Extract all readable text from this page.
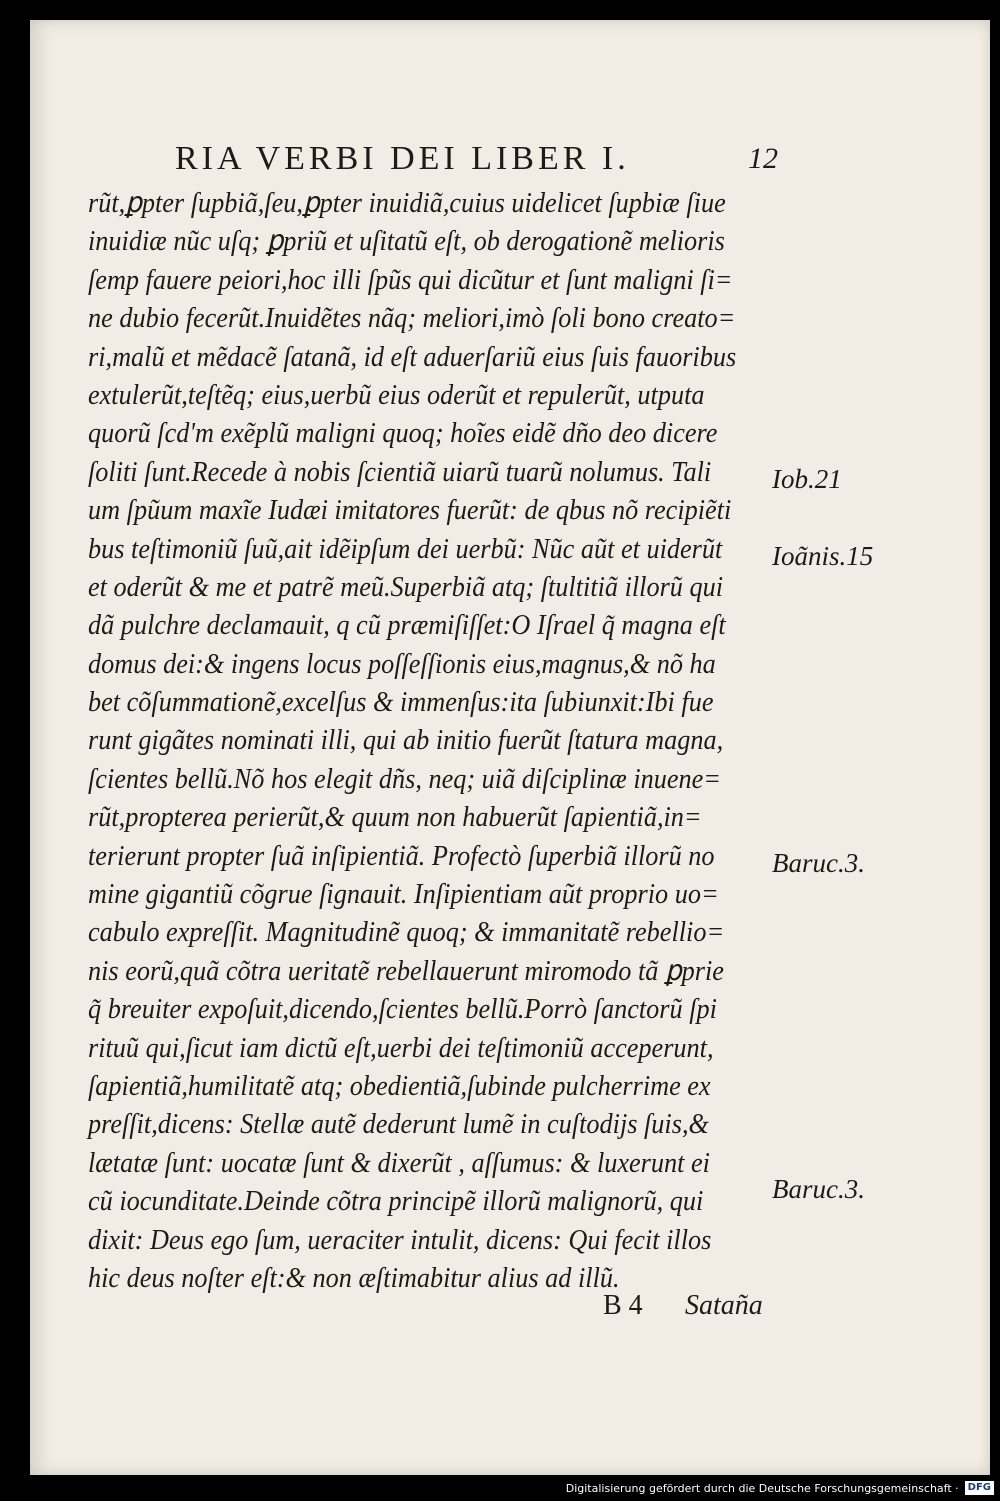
RIA VERBI DEI LIBER I.	12
rũt,ꝑpter ſupbiã,ſeu,ꝑpter inuidiã,cuius uidelicet ſupbiæ ſiue
inuidiæ nũc uſq; ꝑpriũ et uſitatũ eſt, ob derogationẽ melioris
ſemp fauere peiori,hoc illi ſpũs qui dicũtur et ſunt maligni ſi=
ne dubio fecerũt.Inuidẽtes nãq; meliori,imò ſoli bono creato=
ri,malũ et mẽdacẽ ſatanã, id eſt aduerſariũ eius ſuis fauoribus
extulerũt,teſtẽq; eius,uerbũ eius oderũt et repulerũt, utputa
quorũ ſcd'm exẽplũ maligni quoq; hoĩes eidẽ dño deo dicere
ſoliti ſunt.Recede à nobis ſcientiã uiarũ tuarũ nolumus. Tali
um ſpũum maxĩe Iudæi imitatores fuerũt: de qbus nõ recipiẽti
bus teſtimoniũ ſuũ,ait idẽipſum dei uerbũ: Nũc aũt et uiderũt
et oderũt & me et patrẽ meũ.Superbiã atq; ſtultitiã illorũ qui
dã pulchre declamauit, q cũ præmiſiſſet:O Iſrael q̃ magna eſt
domus dei:& ingens locus poſſeſſionis eius,magnus,& nõ ha
bet cõſummationẽ,excelſus & immenſus:ita ſubiunxit:Ibi fue
runt gigãtes nominati illi, qui ab initio fuerũt ſtatura magna,
ſcientes bellũ.Nõ hos elegit dñs, neq; uiã diſciplinæ inuene=
rũt,propterea perierũt,& quum non habuerũt ſapientiã,in=
terierunt propter ſuã inſipientiã. Profectò ſuperbiã illorũ no
mine gigantiũ cõgrue ſignauit. Inſipientiam aũt proprio uo=
cabulo expreſſit. Magnitudinẽ quoq; & immanitatẽ rebellio=
nis eorũ,quã cõtra ueritatẽ rebellauerunt miromodo tã ꝑprie
q̃ breuiter expoſuit,dicendo,ſcientes bellũ.Porrò ſanctorũ ſpi
rituũ qui,ſicut iam dictũ eſt,uerbi dei teſtimoniũ acceperunt,
ſapientiã,humilitatẽ atq; obedientiã,ſubinde pulcherrime ex
preſſit,dicens: Stellæ autẽ dederunt lumẽ in cuſtodijs ſuis,&
lætatæ ſunt: uocatæ ſunt & dixerũt , aſſumus: & luxerunt ei
cũ iocunditate.Deinde cõtra principẽ illorũ malignorũ, qui
dixit: Deus ego ſum, ueraciter intulit, dicens: Qui fecit illos
hic deus noſter eſt:& non æſtimabitur alius ad illũ.
Iob.21
Ioãnis.15
Baruc.3.
Baruc.3.
B 4 Sataña
Digitalisierung gefördert durch die Deutsche Forschungsgemeinschaft · DFG
